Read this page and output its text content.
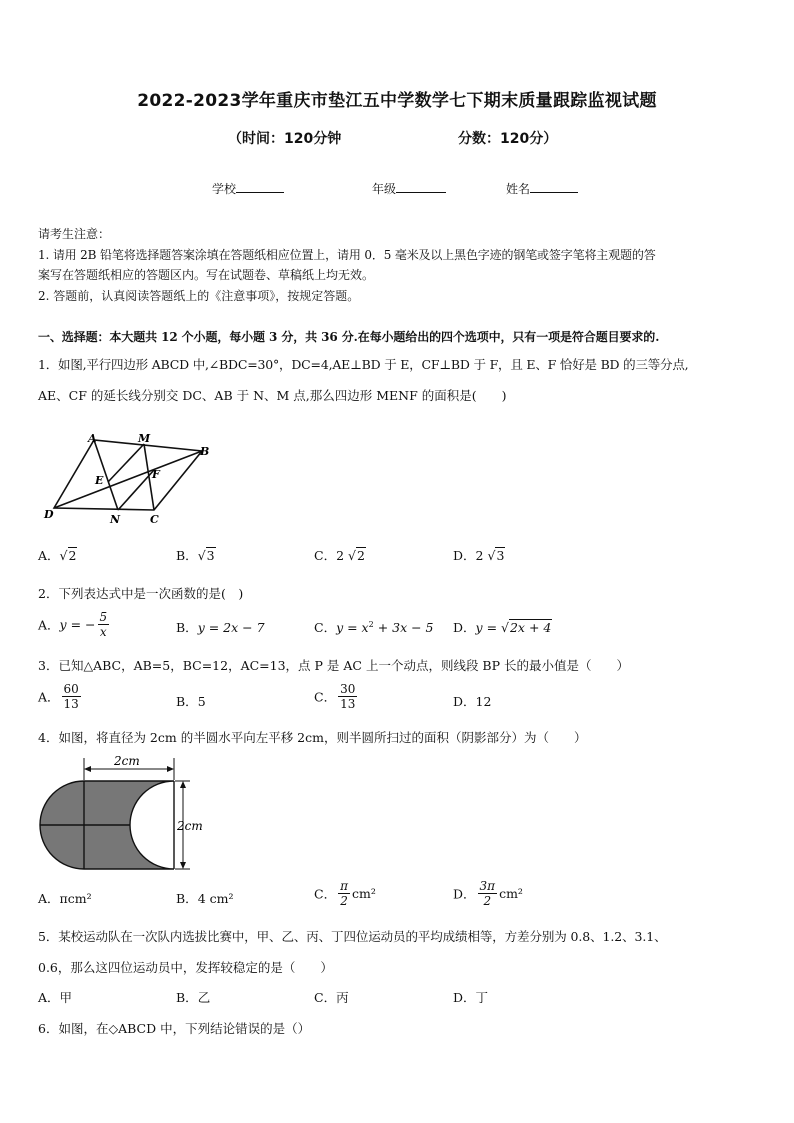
2022-2023学年重庆市垫江五中学数学七下期末质量跟踪监视试题
（时间：120分钟	分数：120分）
学校	年级	姓名
请考生注意：
1. 请用 2B 铅笔将选择题答案涂填在答题纸相应位置上，请用 0．5 毫米及以上黑色字迹的钢笔或签字笔将主观题的答
案写在答题纸相应的答题区内。写在试题卷、草稿纸上均无效。
2. 答题前，认真阅读答题纸上的《注意事项》，按规定答题。
一、选择题：本大题共 12 个小题，每小题 3 分，共 36 分.在每小题给出的四个选项中，只有一项是符合题目要求的.
1．如图,平行四边形 ABCD 中,∠BDC=30°，DC=4,AE⊥BD 于 E，CF⊥BD 于 F，且 E、F 恰好是 BD 的三等分点,
AE、CF 的延长线分别交 DC、AB 于 N、M 点,那么四边形 MENF 的面积是(　　)
A	M
B
E	F
D	N	C
A．√2	B．√3	C．2 √2	D．2 √3
2．下列表达式中是一次函数的是(　)
A．y = − $\frac{5}{x}$	B．y = 2x − 7	C．$y = x^2 + 3x - 5$ D．y = √2x + 4
3．已知△ABC，AB=5，BC=12，AC=13，点 P 是 AC 上一个动点，则线段 BP 长的最小值是（　　）
A． $\frac{60}{13}$	B．5	C． $\frac{30}{13}$	D．12
4．如图，将直径为 2cm 的半圆水平向左平移 2cm，则半圆所扫过的面积（阴影部分）为（　　）
2cm
2cm
A．πcm²	B．4 cm²	C． $\frac{\pi}{2} cm^2$	D． $\frac{3\pi}{2} cm^2$
5．某校运动队在一次队内选拔比赛中，甲、乙、丙、丁四位运动员的平均成绩相等，方差分别为 0.8、1.2、3.1、
0.6，那么这四位运动员中，发挥较稳定的是（　　）
A．甲	B．乙	C．丙	D．丁
6．如图，在◇ABCD 中，下列结论错误的是（）
